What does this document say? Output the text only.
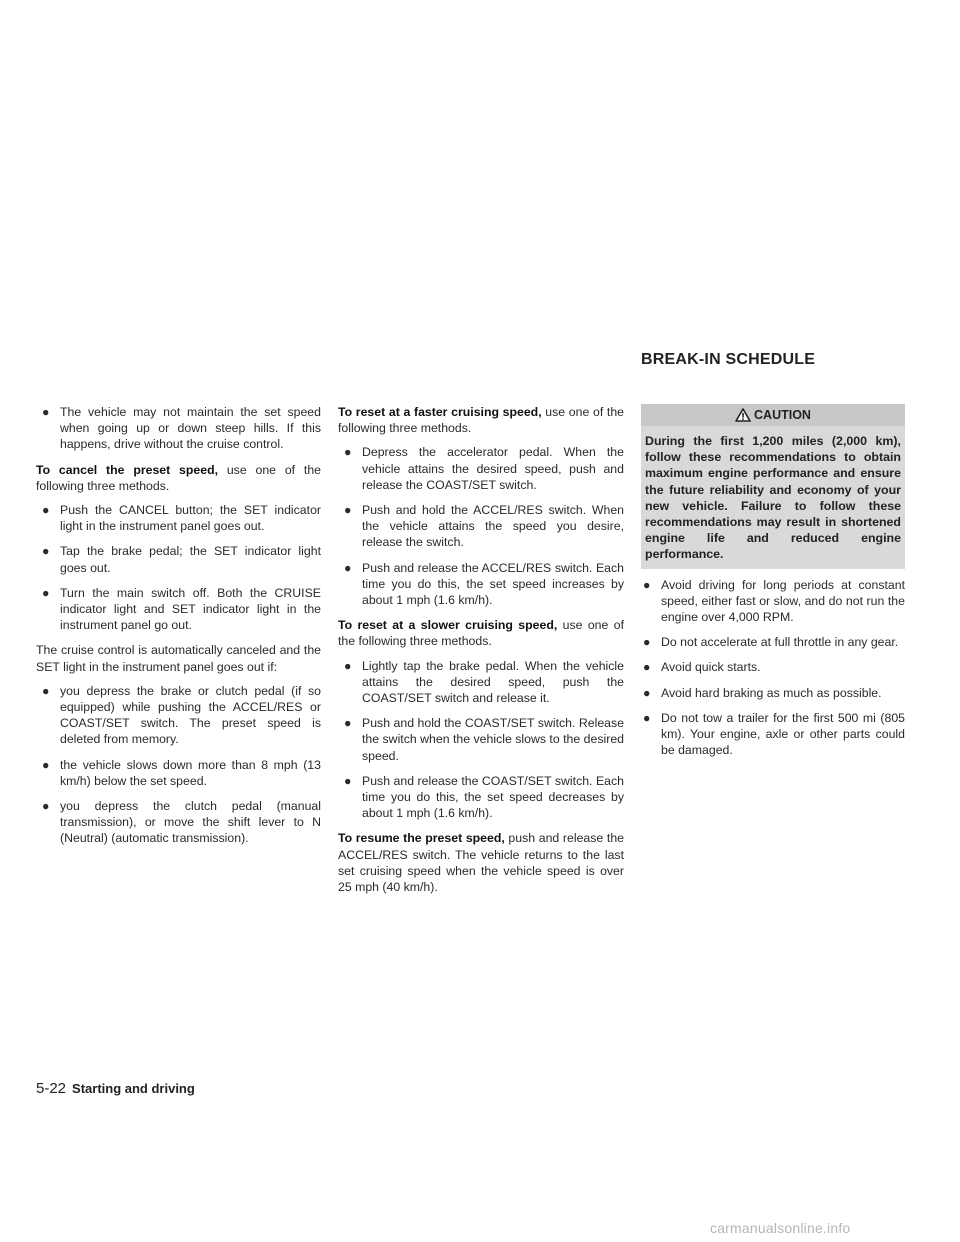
BREAK-IN SCHEDULE
● The vehicle may not maintain the set speed when going up or down steep hills. If this happens, drive without the cruise control.

To cancel the preset speed, use one of the following three methods.

● Push the CANCEL button; the SET indicator light in the instrument panel goes out.
● Tap the brake pedal; the SET indicator light goes out.
● Turn the main switch off. Both the CRUISE indicator light and SET indicator light in the instrument panel go out.

The cruise control is automatically canceled and the SET light in the instrument panel goes out if:

● you depress the brake or clutch pedal (if so equipped) while pushing the ACCEL/RES or COAST/SET switch. The preset speed is deleted from memory.
● the vehicle slows down more than 8 mph (13 km/h) below the set speed.
● you depress the clutch pedal (manual transmission), or move the shift lever to N (Neutral) (automatic transmission).

To reset at a faster cruising speed, use one of the following three methods.

● Depress the accelerator pedal. When the vehicle attains the desired speed, push and release the COAST/SET switch.
● Push and hold the ACCEL/RES switch. When the vehicle attains the speed you desire, release the switch.
● Push and release the ACCEL/RES switch. Each time you do this, the set speed increases by about 1 mph (1.6 km/h).

To reset at a slower cruising speed, use one of the following three methods.

● Lightly tap the brake pedal. When the vehicle attains the desired speed, push the COAST/SET switch and release it.
● Push and hold the COAST/SET switch. Release the switch when the vehicle slows to the desired speed.
● Push and release the COAST/SET switch. Each time you do this, the set speed decreases by about 1 mph (1.6 km/h).

To resume the preset speed, push and release the ACCEL/RES switch. The vehicle returns to the last set cruising speed when the vehicle speed is over 25 mph (40 km/h).

CAUTION
During the first 1,200 miles (2,000 km), follow these recommendations to obtain maximum engine performance and ensure the future reliability and economy of your new vehicle. Failure to follow these recommendations may result in shortened engine life and reduced engine performance.
● Avoid driving for long periods at constant speed, either fast or slow, and do not run the engine over 4,000 RPM.
● Do not accelerate at full throttle in any gear.
● Avoid quick starts.
● Avoid hard braking as much as possible.
● Do not tow a trailer for the first 500 mi (805 km). Your engine, axle or other parts could be damaged.
5-22 Starting and driving
carmanualsonline.info
